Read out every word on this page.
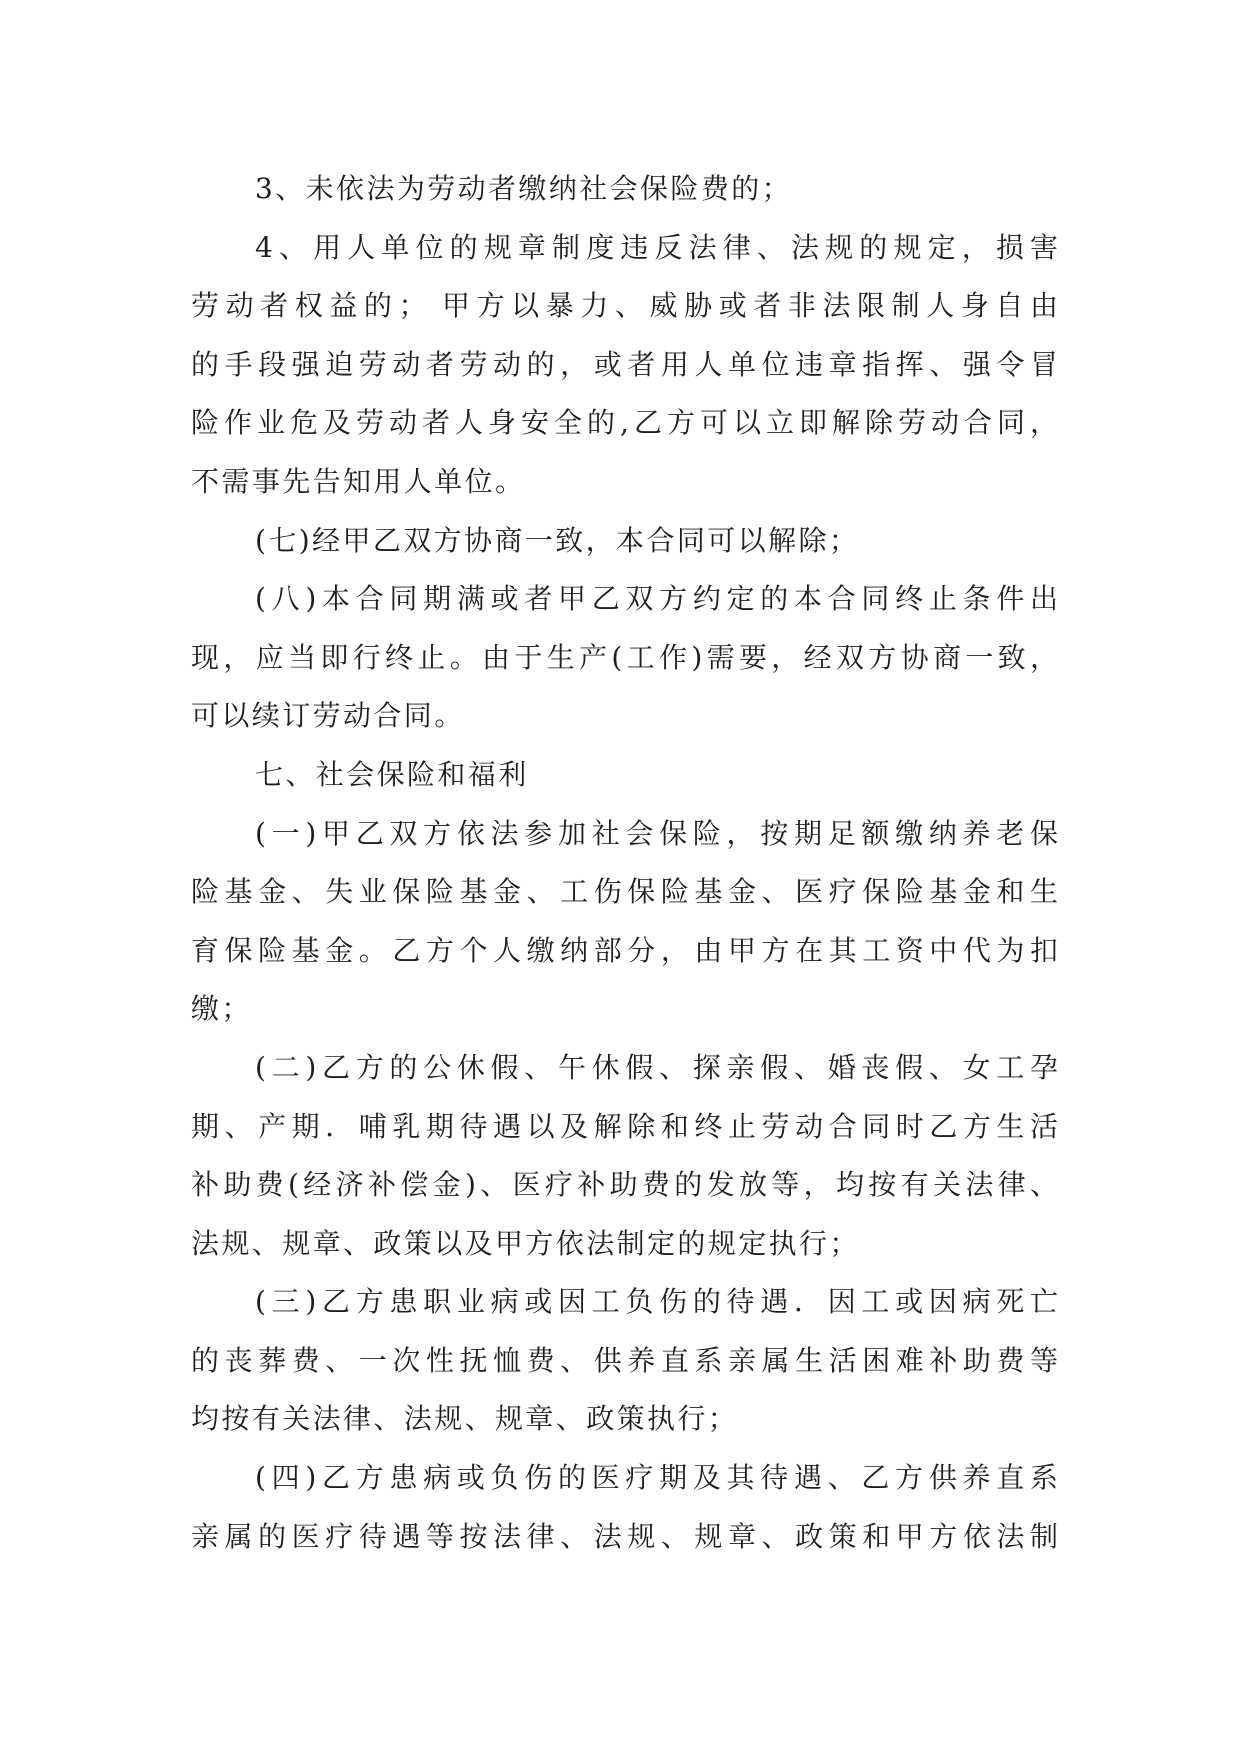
3、未依法为劳动者缴纳社会保险费的；
4、用人单位的规章制度违反法律、法规的规定，损害
劳动者权益的； 甲方以暴力、威胁或者非法限制人身自由
的手段强迫劳动者劳动的，或者用人单位违章指挥、强令冒
险作业危及劳动者人身安全的,乙方可以立即解除劳动合同，
不需事先告知用人单位。
(七)经甲乙双方协商一致，本合同可以解除；
(八)本合同期满或者甲乙双方约定的本合同终止条件出
现，应当即行终止。由于生产(工作)需要，经双方协商一致，
可以续订劳动合同。
七、社会保险和福利
(一)甲乙双方依法参加社会保险，按期足额缴纳养老保
险基金、失业保险基金、工伤保险基金、医疗保险基金和生
育保险基金。乙方个人缴纳部分，由甲方在其工资中代为扣
缴；
(二)乙方的公休假、午休假、探亲假、婚丧假、女工孕
期、产期．哺乳期待遇以及解除和终止劳动合同时乙方生活
补助费(经济补偿金)、医疗补助费的发放等，均按有关法律、
法规、规章、政策以及甲方依法制定的规定执行；
(三)乙方患职业病或因工负伤的待遇．因工或因病死亡
的丧葬费、一次性抚恤费、供养直系亲属生活困难补助费等
均按有关法律、法规、规章、政策执行；
(四)乙方患病或负伤的医疗期及其待遇、乙方供养直系
亲属的医疗待遇等按法律、法规、规章、政策和甲方依法制
